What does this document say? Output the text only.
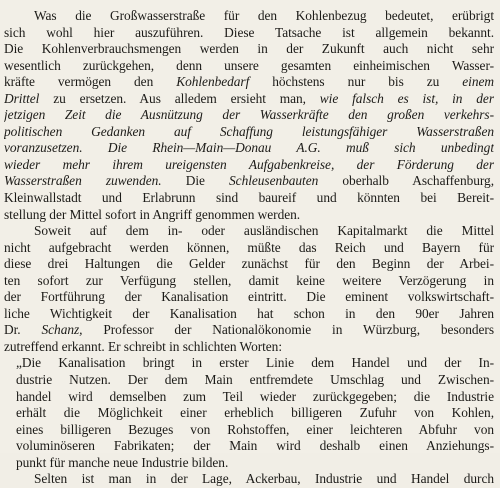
Was die Großwasserstraße für den Kohlenbezug bedeutet, erübrigt
sich wohl hier auszuführen. Diese Tatsache ist allgemein bekannt.
Die Kohlenverbrauchsmengen werden in der Zukunft auch nicht sehr
wesentlich zurückgehen, denn unsere gesamten einheimischen Wasser-
kräfte vermögen den Kohlenbedarf höchstens nur bis zu einem
Drittel zu ersetzen. Aus alledem ersieht man, wie falsch es ist, in der
jetzigen Zeit die Ausnützung der Wasserkräfte den großen verkehrs-
politischen Gedanken auf Schaffung leistungsfähiger Wasserstraßen
voranzusetzen. Die Rhein—Main—Donau A.G. muß sich unbedingt
wieder mehr ihrem ureigensten Aufgabenkreise, der Förderung der
Wasserstraßen zuwenden. Die Schleusenbauten oberhalb Aschaffenburg,
Kleinwallstadt und Erlabrunn sind baureif und könnten bei Bereit-
stellung der Mittel sofort in Angriff genommen werden.
Soweit auf dem in- oder ausländischen Kapitalmarkt die Mittel
nicht aufgebracht werden können, müßte das Reich und Bayern für
diese drei Haltungen die Gelder zunächst für den Beginn der Arbei-
ten sofort zur Verfügung stellen, damit keine weitere Verzögerung in
der Fortführung der Kanalisation eintritt. Die eminent volkswirtschaft-
liche Wichtigkeit der Kanalisation hat schon in den 90er Jahren
Dr. Schanz, Professor der Nationalökonomie in Würzburg, besonders
zutreffend erkannt. Er schreibt in schlichten Worten:
„Die Kanalisation bringt in erster Linie dem Handel und der In-
dustrie Nutzen. Der dem Main entfremdete Umschlag und Zwischen-
handel wird demselben zum Teil wieder zurückgegeben; die Industrie
erhält die Möglichkeit einer erheblich billigeren Zufuhr von Kohlen,
eines billigeren Bezuges von Rohstoffen, einer leichteren Abfuhr von
voluminöseren Fabrikaten; der Main wird deshalb einen Anziehungs-
punkt für manche neue Industrie bilden.
Selten ist man in der Lage, Ackerbau, Industrie und Handel durch
